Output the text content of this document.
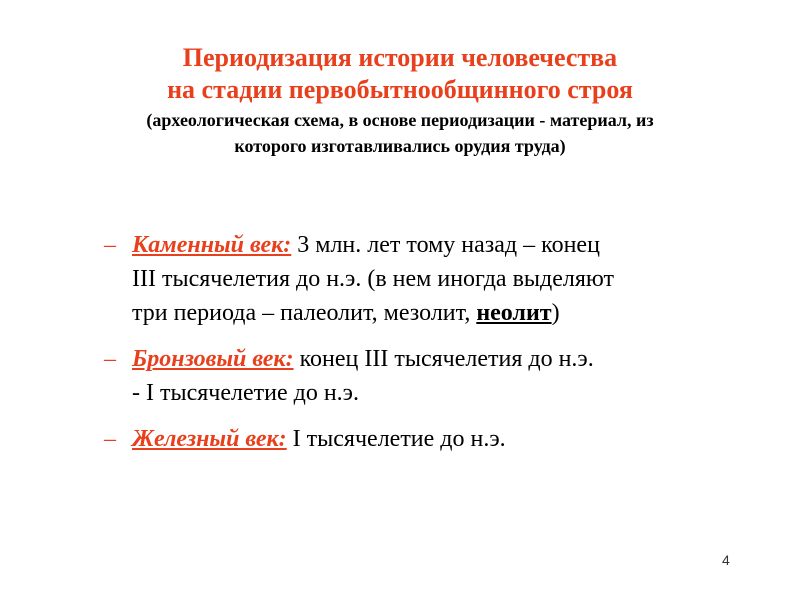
Периодизация истории человечества
на стадии первобытнообщинного строя
(археологическая схема, в основе периодизации - материал, из
которого изготавливались орудия труда)
– Каменный век: 3 млн. лет тому назад – конец
III тысячелетия до н.э. (в нем иногда выделяют
три периода – палеолит, мезолит, неолит)
– Бронзовый век: конец III тысячелетия до н.э.
- I тысячелетие до н.э.
– Железный век: I тысячелетие до н.э.
4
